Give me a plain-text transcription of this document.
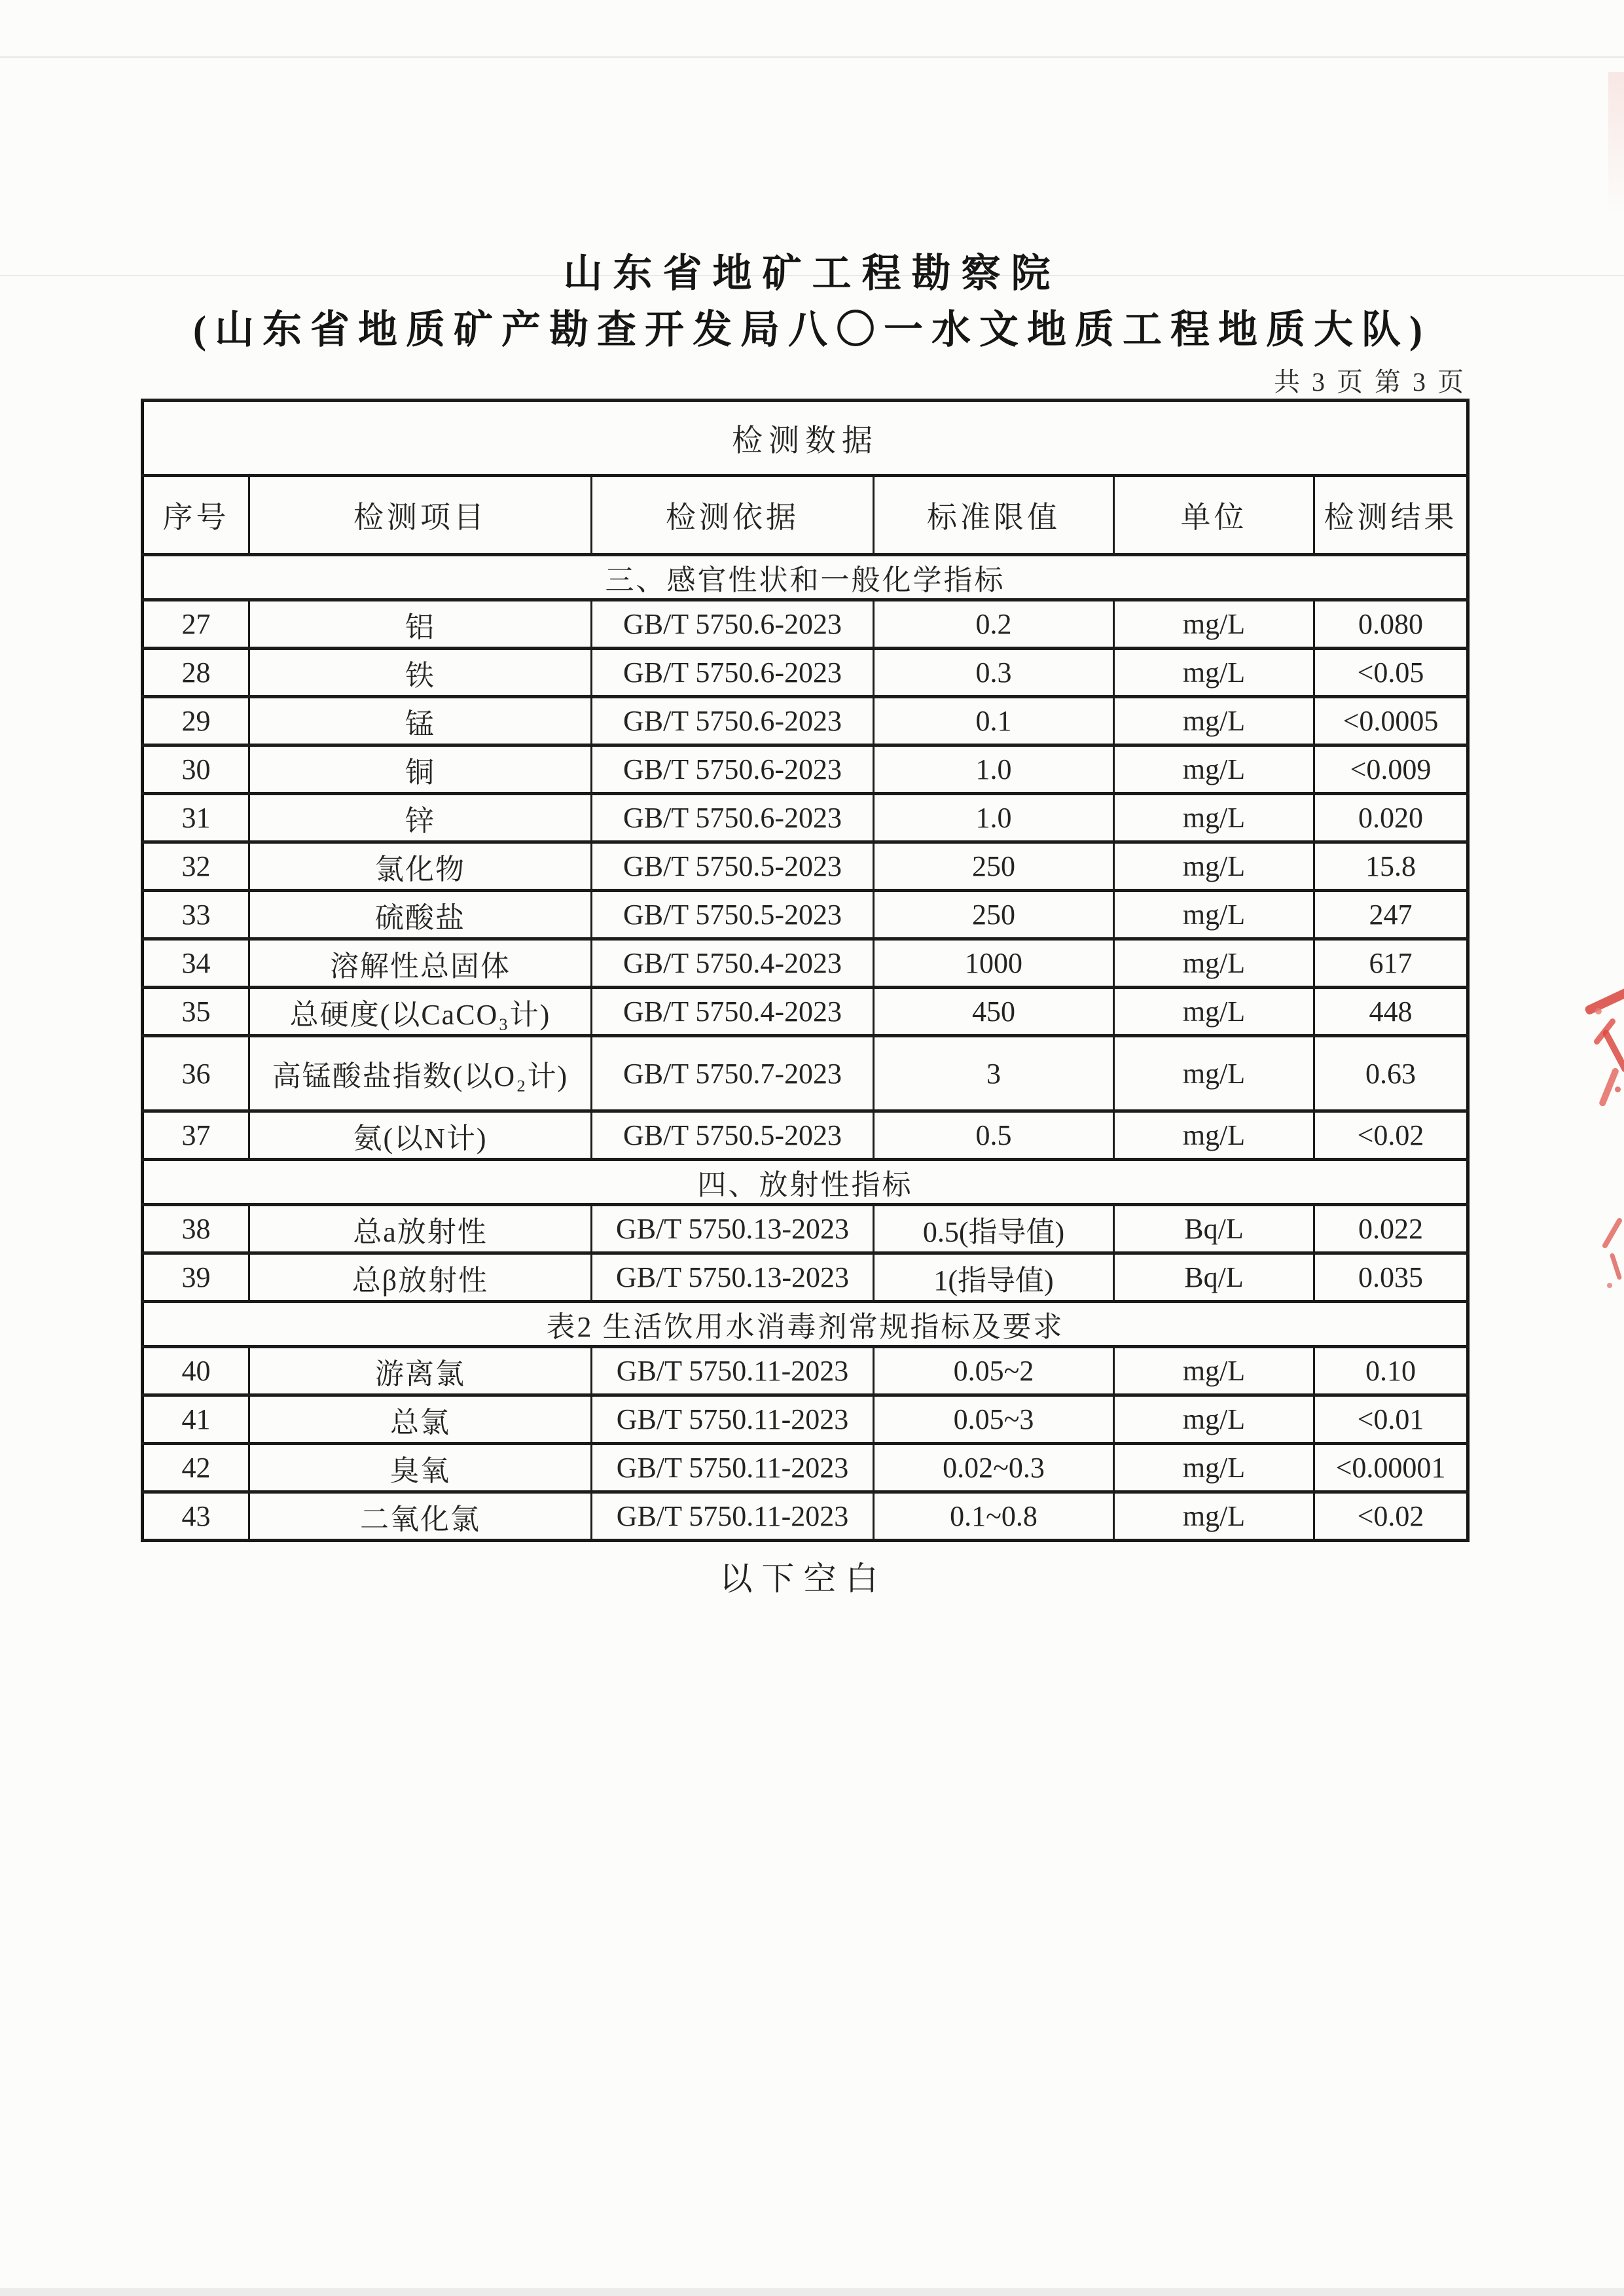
山东省地矿工程勘察院
(山东省地质矿产勘查开发局八〇一水文地质工程地质大队)
共 3 页 第 3 页
检测数据					
序号	检测项目	检测依据	标准限值	单位	检测结果
三、感官性状和一般化学指标					
27	铝	GB/T 5750.6-2023	0.2	mg/L	0.080
28	铁	GB/T 5750.6-2023	0.3	mg/L	<0.05
29	锰	GB/T 5750.6-2023	0.1	mg/L	<0.0005
30	铜	GB/T 5750.6-2023	1.0	mg/L	<0.009
31	锌	GB/T 5750.6-2023	1.0	mg/L	0.020
32	氯化物	GB/T 5750.5-2023	250	mg/L	15.8
33	硫酸盐	GB/T 5750.5-2023	250	mg/L	247
34	溶解性总固体	GB/T 5750.4-2023	1000	mg/L	617
35	总硬度(以CaCO₃计)	GB/T 5750.4-2023	450	mg/L	448
36	高锰酸盐指数(以O₂计)	GB/T 5750.7-2023	3	mg/L	0.63
37	氨(以N计)	GB/T 5750.5-2023	0.5	mg/L	<0.02
四、放射性指标					
38	总a放射性	GB/T 5750.13-2023	0.5(指导值)	Bq/L	0.022
39	总β放射性	GB/T 5750.13-2023	1(指导值)	Bq/L	0.035
表2 生活饮用水消毒剂常规指标及要求					
40	游离氯	GB/T 5750.11-2023	0.05~2	mg/L	0.10
41	总氯	GB/T 5750.11-2023	0.05~3	mg/L	<0.01
42	臭氧	GB/T 5750.11-2023	0.02~0.3	mg/L	<0.00001
43	二氧化氯	GB/T 5750.11-2023	0.1~0.8	mg/L	<0.02
以下空白
